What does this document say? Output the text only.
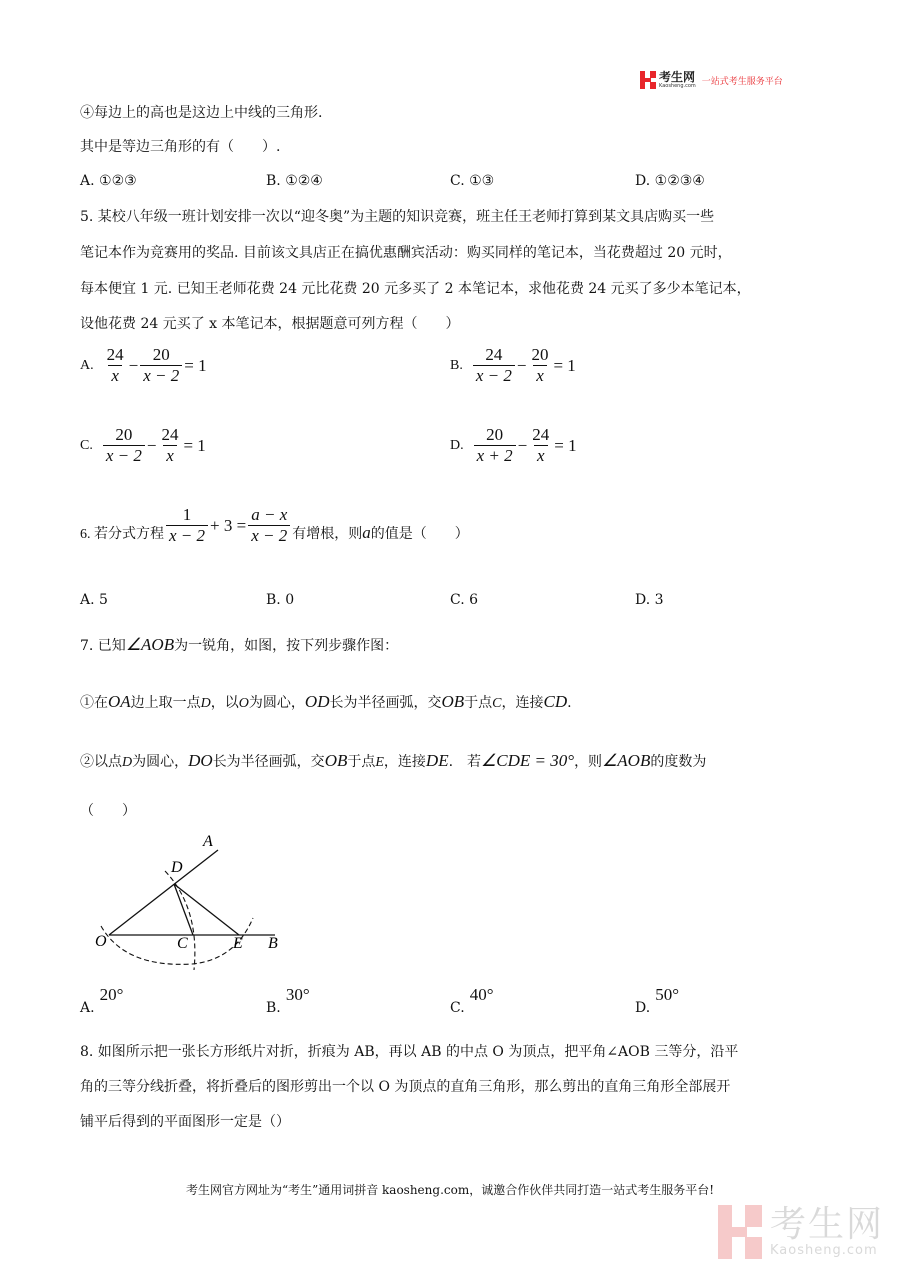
考生网
Kaosheng.com 一站式考生服务平台
④每边上的高也是这边上中线的三角形.
其中是等边三角形的有（　　）.
A. ①②③	B. ①②④	C. ①③	D. ①②③④
5. 某校八年级一班计划安排一次以“迎冬奥”为主题的知识竞赛，班主任王老师打算到某文具店购买一些
笔记本作为竞赛用的奖品. 目前该文具店正在搞优惠酬宾活动：购买同样的笔记本，当花费超过 20 元时，
每本便宜 1 元. 已知王老师花费 24 元比花费 20 元多买了 2 本笔记本，求他花费 24 元买了多少本笔记本，
设他花费 24 元买了 x 本笔记本，根据题意可列方程（　　）
A. $\frac{24}{x} - \frac{20}{x - 2} = 1$	B. $\frac{24}{x - 2} - \frac{20}{x} = 1$
C. $\frac{20}{x - 2} - \frac{24}{x} = 1$	D. $\frac{20}{x + 2} - \frac{24}{x} = 1$
6. 若分式方程 $\frac{1}{x - 2} + 3 = \frac{a - x}{x - 2}$ 有增根，则a的值是（　　）
A. 5	B. 0	C. 6	D. 3
7. 已知∠AOB为一锐角，如图，按下列步骤作图：
①在OA边上取一点D，以O为圆心，OD长为半径画弧，交OB于点C，连接CD.
②以点D为圆心，DO长为半径画弧，交OB于点E，连接DE.　若∠CDE = 30°，则∠AOB的度数为
（　　）
A
D
O	C	E B
A. 20°
B. 30°
C. 40°
D. 50°
8. 如图所示把一张长方形纸片对折，折痕为 AB，再以 AB 的中点 O 为顶点，把平角∠AOB 三等分，沿平
角的三等分线折叠，将折叠后的图形剪出一个以 O 为顶点的直角三角形，那么剪出的直角三角形全部展开
铺平后得到的平面图形一定是（）
考生网官方网址为“考生”通用词拼音 kaosheng.com，诚邀合作伙伴共同打造一站式考生服务平台!
考生网
Kaosheng.com
